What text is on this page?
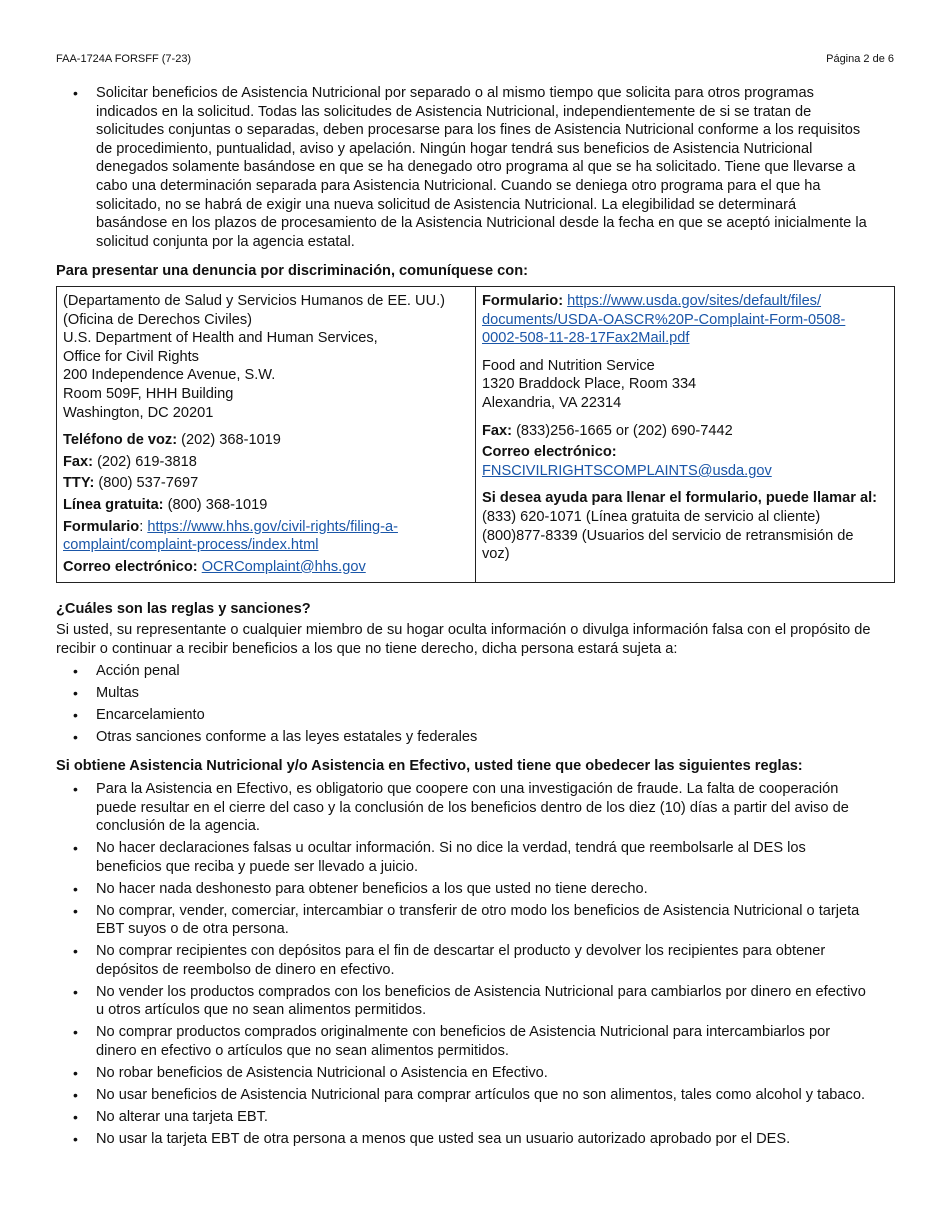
FAA-1724A FORSFF (7-23)	Página 2 de 6
• Solicitar beneficios de Asistencia Nutricional por separado o al mismo tiempo que solicita para otros programas indicados en la solicitud. Todas las solicitudes de Asistencia Nutricional, independientemente de si se tratan de solicitudes conjuntas o separadas, deben procesarse para los fines de Asistencia Nutricional conforme a los requisitos de procedimiento, puntualidad, aviso y apelación. Ningún hogar tendrá sus beneficios de Asistencia Nutricional denegados solamente basándose en que se ha denegado otro programa al que se ha solicitado. Tiene que llevarse a cabo una determinación separada para Asistencia Nutricional. Cuando se deniega otro programa para el que ha solicitado, no se habrá de exigir una nueva solicitud de Asistencia Nutricional. La elegibilidad se determinará basándose en los plazos de procesamiento de la Asistencia Nutricional desde la fecha en que se aceptó inicialmente la solicitud conjunta por la agencia estatal.
Para presentar una denuncia por discriminación, comuníquese con:
(Departamento de Salud y Servicios Humanos de EE. UU.)
(Oficina de Derechos Civiles)
U.S. Department of Health and Human Services,
Office for Civil Rights
200 Independence Avenue, S.W.
Room 509F, HHH Building
Washington, DC 20201
Teléfono de voz: (202) 368-1019
Fax: (202) 619-3818
TTY: (800) 537-7697
Línea gratuita: (800) 368-1019
Formulario: https://www.hhs.gov/civil-rights/filing-a-
complaint/complaint-process/index.html
Correo electrónico: OCRComplaint@hhs.gov

Formulario: https://www.usda.gov/sites/default/files/
documents/USDA-OASCR%20P-Complaint-Form-0508-
0002-508-11-28-17Fax2Mail.pdf
Food and Nutrition Service
1320 Braddock Place, Room 334
Alexandria, VA 22314
Fax: (833)256-1665 or (202) 690-7442
Correo electrónico:
FNSCIVILRIGHTSCOMPLAINTS@usda.gov
Si desea ayuda para llenar el formulario, puede llamar al:
(833) 620-1071 (Línea gratuita de servicio al cliente)
(800)877-8339 (Usuarios del servicio de retransmisión de
voz)
¿Cuáles son las reglas y sanciones?
Si usted, su representante o cualquier miembro de su hogar oculta información o divulga información falsa con el propósito de recibir o continuar a recibir beneficios a los que no tiene derecho, dicha persona estará sujeta a:
• Acción penal
• Multas
• Encarcelamiento
• Otras sanciones conforme a las leyes estatales y federales
Si obtiene Asistencia Nutricional y/o Asistencia en Efectivo, usted tiene que obedecer las siguientes reglas:
• Para la Asistencia en Efectivo, es obligatorio que coopere con una investigación de fraude. La falta de cooperación puede resultar en el cierre del caso y la conclusión de los beneficios dentro de los diez (10) días a partir del aviso de conclusión de la agencia.
• No hacer declaraciones falsas u ocultar información. Si no dice la verdad, tendrá que reembolsarle al DES los beneficios que reciba y puede ser llevado a juicio.
• No hacer nada deshonesto para obtener beneficios a los que usted no tiene derecho.
• No comprar, vender, comerciar, intercambiar o transferir de otro modo los beneficios de Asistencia Nutricional o tarjeta EBT suyos o de otra persona.
• No comprar recipientes con depósitos para el fin de descartar el producto y devolver los recipientes para obtener depósitos de reembolso de dinero en efectivo.
• No vender los productos comprados con los beneficios de Asistencia Nutricional para cambiarlos por dinero en efectivo u otros artículos que no sean alimentos permitidos.
• No comprar productos comprados originalmente con beneficios de Asistencia Nutricional para intercambiarlos por dinero en efectivo o artículos que no sean alimentos permitidos.
• No robar beneficios de Asistencia Nutricional o Asistencia en Efectivo.
• No usar beneficios de Asistencia Nutricional para comprar artículos que no son alimentos, tales como alcohol y tabaco.
• No alterar una tarjeta EBT.
• No usar la tarjeta EBT de otra persona a menos que usted sea un usuario autorizado aprobado por el DES.
